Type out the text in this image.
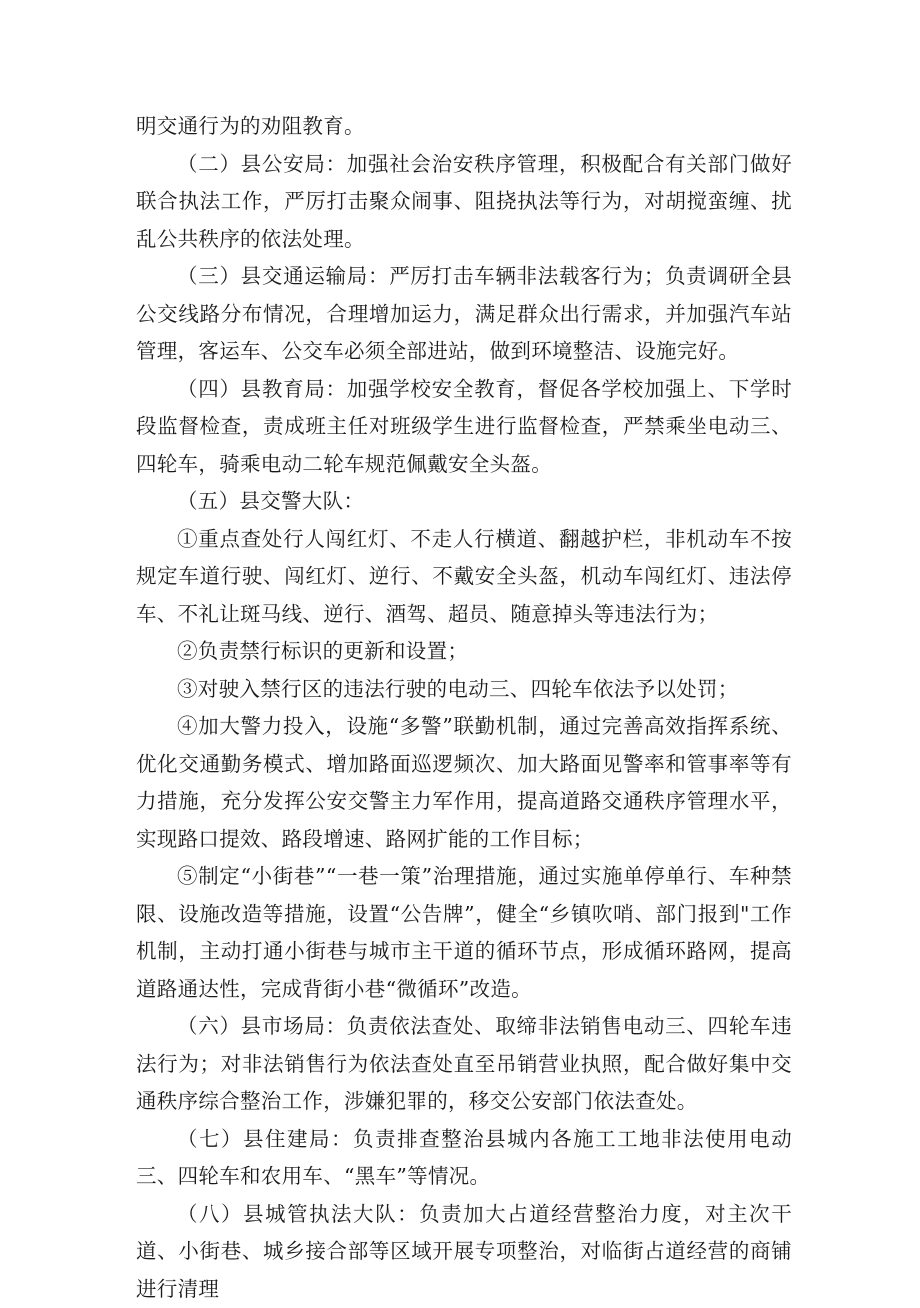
明交通行为的劝阻教育。

（二）县公安局：加强社会治安秩序管理，积极配合有关部门做好联合执法工作，严厉打击聚众闹事、阻挠执法等行为，对胡搅蛮缠、扰乱公共秩序的依法处理。

（三）县交通运输局：严厉打击车辆非法载客行为；负责调研全县公交线路分布情况，合理增加运力，满足群众出行需求，并加强汽车站管理，客运车、公交车必须全部进站，做到环境整洁、设施完好。

（四）县教育局：加强学校安全教育，督促各学校加强上、下学时段监督检查，责成班主任对班级学生进行监督检查，严禁乘坐电动三、四轮车，骑乘电动二轮车规范佩戴安全头盔。

（五）县交警大队：

①重点查处行人闯红灯、不走人行横道、翻越护栏，非机动车不按规定车道行驶、闯红灯、逆行、不戴安全头盔，机动车闯红灯、违法停车、不礼让斑马线、逆行、酒驾、超员、随意掉头等违法行为；

②负责禁行标识的更新和设置；

③对驶入禁行区的违法行驶的电动三、四轮车依法予以处罚；

④加大警力投入，设施“多警”联勤机制，通过完善高效指挥系统、优化交通勤务模式、增加路面巡逻频次、加大路面见警率和管事率等有力措施，充分发挥公安交警主力军作用，提高道路交通秩序管理水平，实现路口提效、路段增速、路网扩能的工作目标；

⑤制定“小街巷”“一巷一策”治理措施，通过实施单停单行、车种禁限、设施改造等措施，设置“公告牌”，健全“乡镇吹哨、部门报到"工作机制，主动打通小街巷与城市主干道的循环节点，形成循环路网，提高道路通达性，完成背街小巷“微循环”改造。

（六）县市场局：负责依法查处、取缔非法销售电动三、四轮车违法行为；对非法销售行为依法查处直至吊销营业执照，配合做好集中交通秩序综合整治工作，涉嫌犯罪的，移交公安部门依法查处。

（七）县住建局：负责排查整治县城内各施工工地非法使用电动三、四轮车和农用车、“黑车”等情况。

（八）县城管执法大队：负责加大占道经营整治力度，对主次干道、小街巷、城乡接合部等区域开展专项整治，对临街占道经营的商铺进行清理
